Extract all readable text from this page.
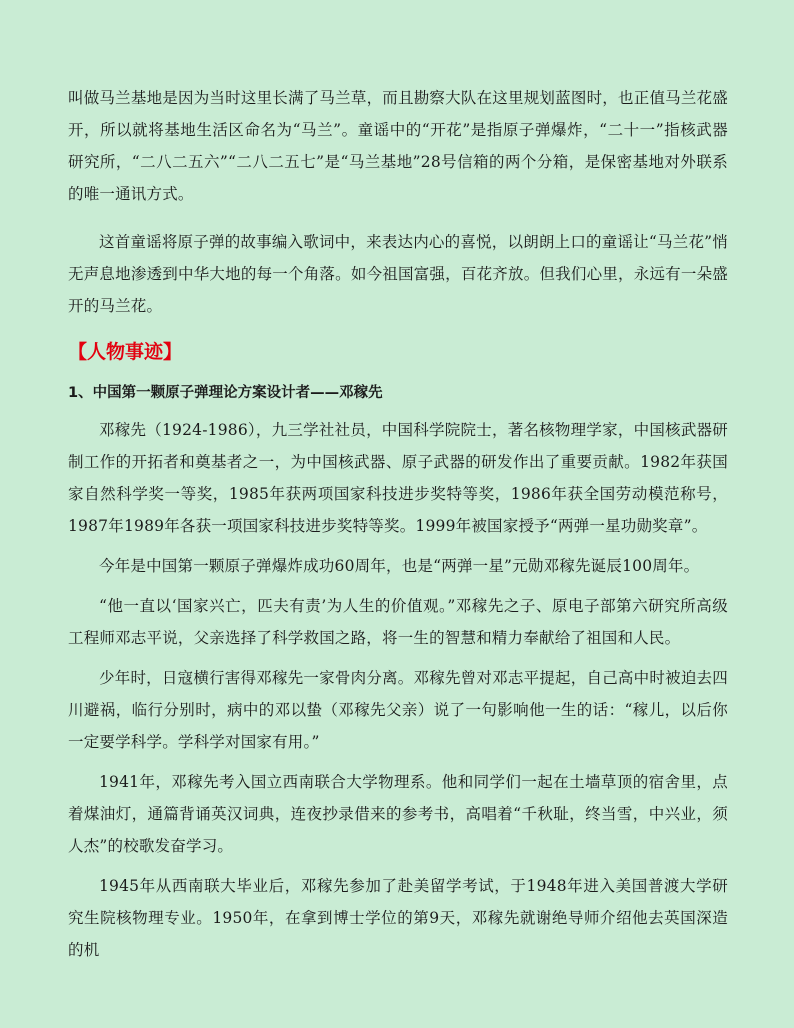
叫做马兰基地是因为当时这里长满了马兰草，而且勘察大队在这里规划蓝图时，也正值马兰花盛开，所以就将基地生活区命名为“马兰”。童谣中的“开花”是指原子弹爆炸，“二十一”指核武器研究所，“二八二五六”“二八二五七”是“马兰基地”28号信箱的两个分箱，是保密基地对外联系的唯一通讯方式。

这首童谣将原子弹的故事编入歌词中，来表达内心的喜悦，以朗朗上口的童谣让“马兰花”悄无声息地渗透到中华大地的每一个角落。如今祖国富强，百花齐放。但我们心里，永远有一朵盛开的马兰花。

【人物事迹】
1、中国第一颗原子弹理论方案设计者——邓稼先

邓稼先（1924-1986），九三学社社员，中国科学院院士，著名核物理学家，中国核武器研制工作的开拓者和奠基者之一，为中国核武器、原子武器的研发作出了重要贡献。1982年获国家自然科学奖一等奖，1985年获两项国家科技进步奖特等奖，1986年获全国劳动模范称号，1987年1989年各获一项国家科技进步奖特等奖。1999年被国家授予“两弹一星功勋奖章”。

今年是中国第一颗原子弹爆炸成功60周年，也是“两弹一星”元勋邓稼先诞辰100周年。

“他一直以‘国家兴亡，匹夫有责’为人生的价值观。”邓稼先之子、原电子部第六研究所高级工程师邓志平说，父亲选择了科学救国之路，将一生的智慧和精力奉献给了祖国和人民。

少年时，日寇横行害得邓稼先一家骨肉分离。邓稼先曾对邓志平提起，自己高中时被迫去四川避祸，临行分别时，病中的邓以蛰（邓稼先父亲）说了一句影响他一生的话：“稼儿，以后你一定要学科学。学科学对国家有用。”

1941年，邓稼先考入国立西南联合大学物理系。他和同学们一起在土墙草顶的宿舍里，点着煤油灯，通篇背诵英汉词典，连夜抄录借来的参考书，高唱着“千秋耻，终当雪，中兴业，须人杰”的校歌发奋学习。

1945年从西南联大毕业后，邓稼先参加了赴美留学考试，于1948年进入美国普渡大学研究生院核物理专业。1950年，在拿到博士学位的第9天，邓稼先就谢绝导师介绍他去英国深造的机
